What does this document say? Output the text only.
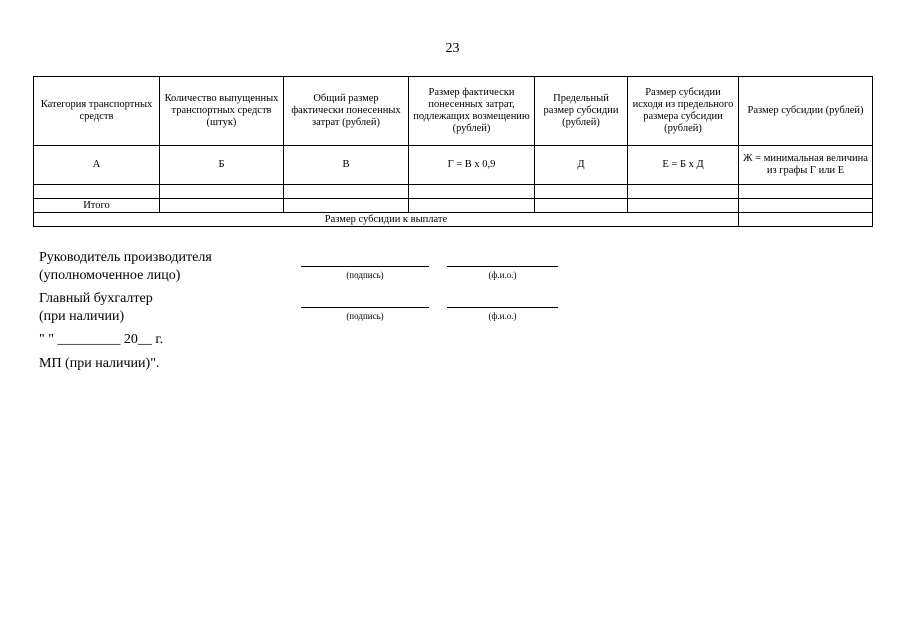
23
Категория транспортных средств	Количество выпущенных транспортных средств (штук)	Общий размер фактически понесенных затрат (рублей)	Размер фактически понесенных затрат, подлежащих возмещению (рублей)	Предельный размер субсидии (рублей)	Размер субсидии исходя из предельного размера субсидии (рублей)	Размер субсидии (рублей)
А	Б	В	Г = В х 0,9	Д	Е = Б х Д	Ж = минимальная величина из графы Г или Е

Итого						
Размер субсидии к выплате						
Руководитель производителя
(уполномоченное лицо)	(подпись)	(ф.и.о.)
Главный бухгалтер
(при наличии)	(подпись)	(ф.и.о.)
" " _________ 20__ г.
МП (при наличии)".
